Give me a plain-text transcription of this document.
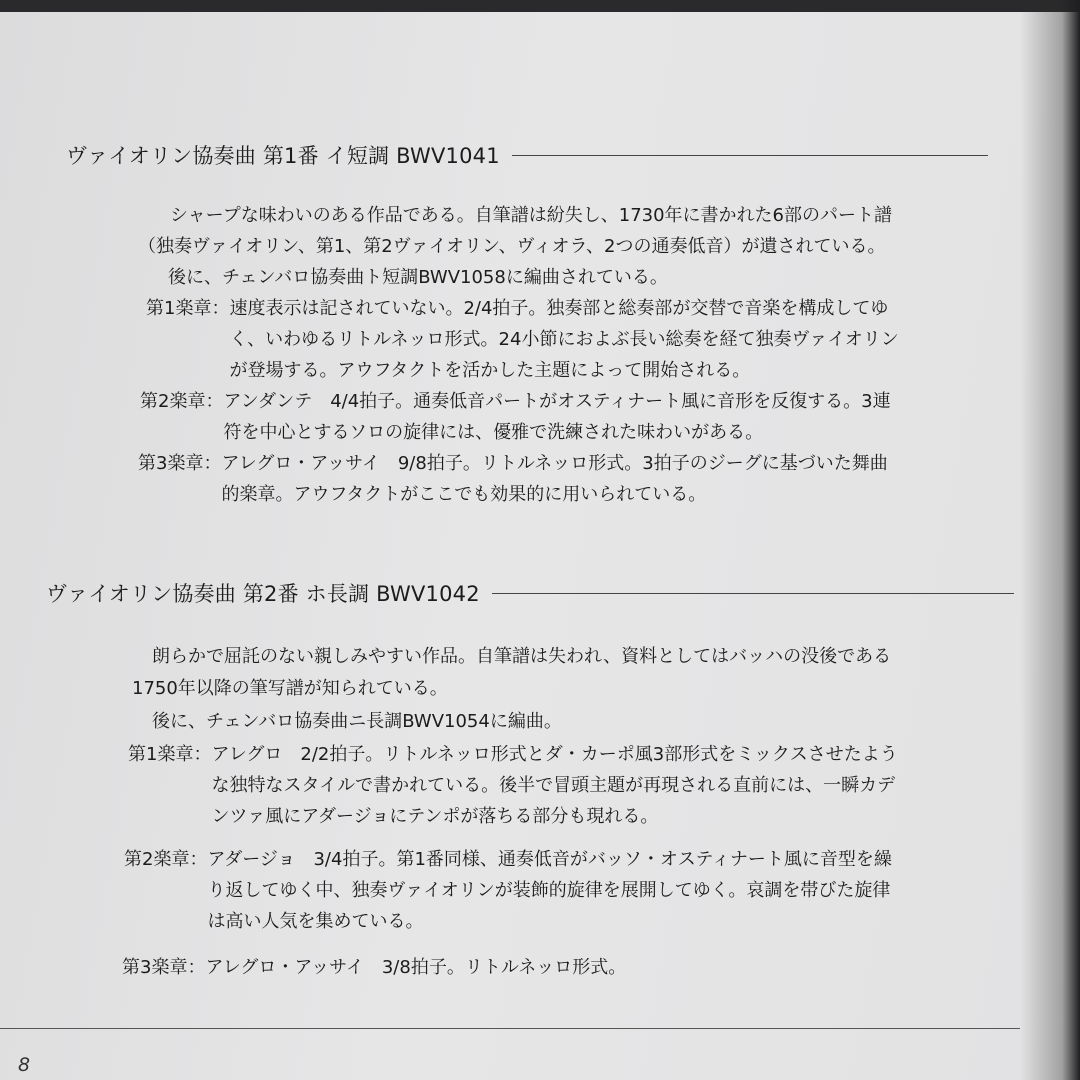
ヴァイオリン協奏曲 第1番 イ短調 BWV1041
シャープな味わいのある作品である。自筆譜は紛失し、1730年に書かれた6部のパート譜
（独奏ヴァイオリン、第1、第2ヴァイオリン、ヴィオラ、2つの通奏低音）が遺されている。
後に、チェンバロ協奏曲ト短調BWV1058に編曲されている。
第1楽章： 速度表示は記されていない。2/4拍子。独奏部と総奏部が交替で音楽を構成してゆ
く、いわゆるリトルネッロ形式。24小節におよぶ長い総奏を経て独奏ヴァイオリン
が登場する。アウフタクトを活かした主題によって開始される。
第2楽章： アンダンテ　4/4拍子。通奏低音パートがオスティナート風に音形を反復する。3連
符を中心とするソロの旋律には、優雅で洗練された味わいがある。
第3楽章： アレグロ・アッサイ　9/8拍子。リトルネッロ形式。3拍子のジーグに基づいた舞曲
的楽章。アウフタクトがここでも効果的に用いられている。
ヴァイオリン協奏曲 第2番 ホ長調 BWV1042
朗らかで屈託のない親しみやすい作品。自筆譜は失われ、資料としてはバッハの没後である
1750年以降の筆写譜が知られている。
後に、チェンバロ協奏曲ニ長調BWV1054に編曲。
第1楽章： アレグロ　2/2拍子。リトルネッロ形式とダ・カーポ風3部形式をミックスさせたよう
な独特なスタイルで書かれている。後半で冒頭主題が再現される直前には、一瞬カデ
ンツァ風にアダージョにテンポが落ちる部分も現れる。
第2楽章： アダージョ　3/4拍子。第1番同様、通奏低音がバッソ・オスティナート風に音型を繰
り返してゆく中、独奏ヴァイオリンが装飾的旋律を展開してゆく。哀調を帯びた旋律
は高い人気を集めている。
第3楽章： アレグロ・アッサイ　3/8拍子。リトルネッロ形式。
8
